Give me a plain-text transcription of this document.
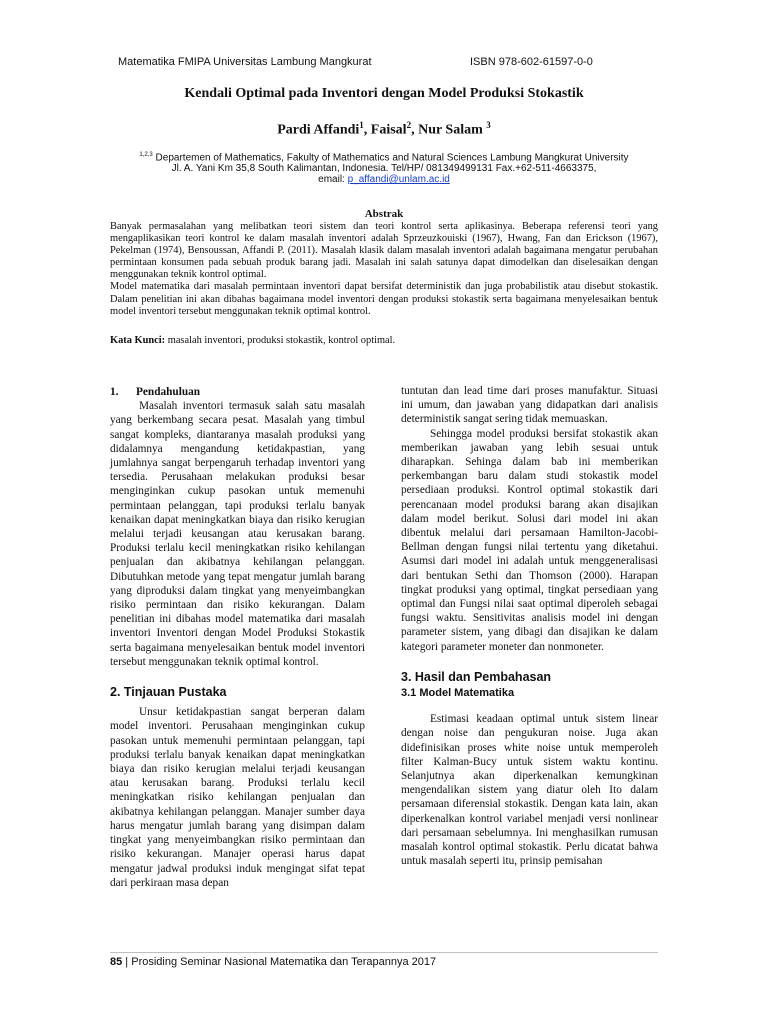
Matematika FMIPA Universitas Lambung Mangkurat	ISBN 978-602-61597-0-0
Kendali Optimal pada Inventori dengan Model Produksi Stokastik
Pardi Affandi$^1$, Faisal$^2$, Nur Salam $^3$
$^{1,2,3}$ Departemen of Mathematics, Fakulty of Mathematics and Natural Sciences Lambung Mangkurat University
Jl. A. Yani Km 35,8 South Kalimantan, Indonesia. Tel/HP/ 081349499131 Fax.+62-511-4663375,
email: p_affandi@unlam.ac.id
Abstrak

Banyak permasalahan yang melibatkan teori sistem dan teori kontrol serta aplikasinya. Beberapa referensi teori yang mengaplikasikan teori kontrol ke dalam masalah inventori adalah Sprzeuzkouiski (1967), Hwang, Fan dan Erickson (1967), Pekelman (1974), Bensoussan, Affandi P. (2011). Masalah klasik dalam masalah inventori adalah bagaimana mengatur perubahan permintaan konsumen pada sebuah produk barang jadi. Masalah ini salah satunya dapat dimodelkan dan diselesaikan dengan menggunakan teknik kontrol optimal.

Model matematika dari masalah permintaan inventori dapat bersifat deterministik dan juga probabilistik atau disebut stokastik. Dalam penelitian ini akan dibahas bagaimana model inventori dengan produksi stokastik serta bagaimana menyelesaikan bentuk model inventori tersebut menggunakan teknik optimal kontrol.

Kata Kunci: masalah inventori, produksi stokastik, kontrol optimal.
1. Pendahuluan

Masalah inventori termasuk salah satu masalah yang berkembang secara pesat. Masalah yang timbul sangat kompleks, diantaranya masalah produksi yang didalamnya mengandung ketidakpastian, yang jumlahnya sangat berpengaruh terhadap inventori yang tersedia. Perusahaan melakukan produksi besar menginginkan cukup pasokan untuk memenuhi permintaan pelanggan, tapi produksi terlalu banyak kenaikan dapat meningkatkan biaya dan risiko kerugian melalui terjadi keusangan atau kerusakan barang. Produksi terlalu kecil meningkatkan risiko kehilangan penjualan dan akibatnya kehilangan pelanggan. Dibutuhkan metode yang tepat mengatur jumlah barang yang diproduksi dalam tingkat yang menyeimbangkan risiko permintaan dan risiko kekurangan. Dalam penelitian ini dibahas model matematika dari masalah inventori Inventori dengan Model Produksi Stokastik serta bagaimana menyelesaikan bentuk model inventori tersebut menggunakan teknik optimal kontrol.

2. Tinjauan Pustaka

Unsur ketidakpastian sangat berperan dalam model inventori. Perusahaan menginginkan cukup pasokan untuk memenuhi permintaan pelanggan, tapi produksi terlalu banyak kenaikan dapat meningkatkan biaya dan risiko kerugian melalui terjadi keusangan atau kerusakan barang. Produksi terlalu kecil meningkatkan risiko kehilangan penjualan dan akibatnya kehilangan pelanggan. Manajer sumber daya harus mengatur jumlah barang yang disimpan dalam tingkat yang menyeimbangkan risiko permintaan dan risiko kekurangan. Manajer operasi harus dapat mengatur jadwal produksi induk mengingat sifat tepat dari perkiraan masa depan

tuntutan dan lead time dari proses manufaktur. Situasi ini umum, dan jawaban yang didapatkan dari analisis deterministik sangat sering tidak memuaskan.

Sehingga model produksi bersifat stokastik akan memberikan jawaban yang lebih sesuai untuk diharapkan. Sehinga dalam bab ini memberikan perkembangan baru dalam studi stokastik model persediaan produksi. Kontrol optimal stokastik dari perencanaan model produksi barang akan disajikan dalam model berikut. Solusi dari model ini akan dibentuk melalui dari persamaan Hamilton-Jacobi-Bellman dengan fungsi nilai tertentu yang diketahui. Asumsi dari model ini adalah untuk menggeneralisasi dari bentukan Sethi dan Thomson (2000). Harapan tingkat produksi yang optimal, tingkat persediaan yang optimal dan Fungsi nilai saat optimal diperoleh sebagai fungsi waktu. Sensitivitas analisis model ini dengan parameter sistem, yang dibagi dan disajikan ke dalam kategori parameter moneter dan nonmoneter.

3. Hasil dan Pembahasan
3.1 Model Matematika

Estimasi keadaan optimal untuk sistem linear dengan noise dan pengukuran noise. Juga akan didefinisikan proses white noise untuk memperoleh filter Kalman-Bucy untuk sistem waktu kontinu. Selanjutnya akan diperkenalkan kemungkinan mengendalikan sistem yang diatur oleh Ito dalam persamaan diferensial stokastik. Dengan kata lain, akan diperkenalkan kontrol variabel menjadi versi nonlinear dari persamaan sebelumnya. Ini menghasilkan rumusan masalah kontrol optimal stokastik. Perlu dicatat bahwa untuk masalah seperti itu, prinsip pemisahan

85 | Prosiding Seminar Nasional Matematika dan Terapannya 2017
